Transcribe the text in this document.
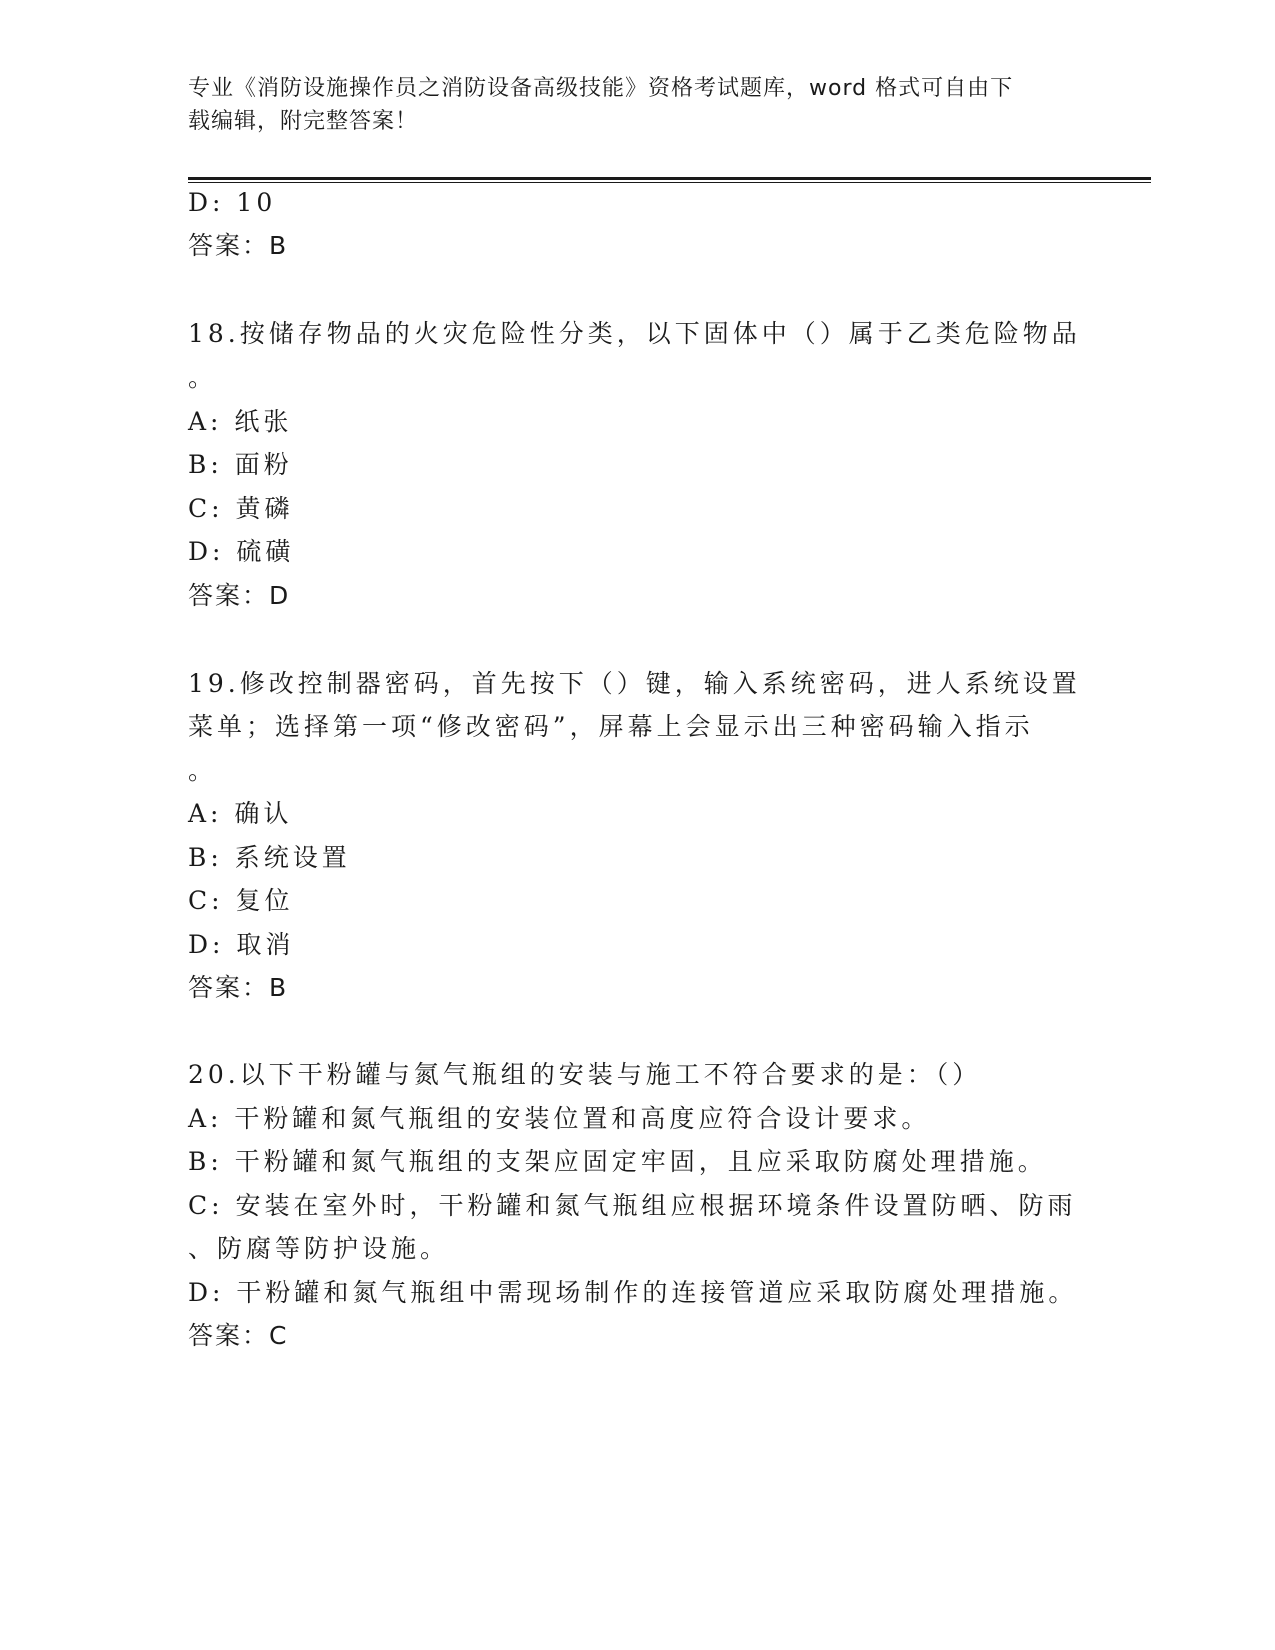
专业《消防设施操作员之消防设备高级技能》资格考试题库，word 格式可自由下
载编辑，附完整答案！
D: 10
答案：B
18.按储存物品的火灾危险性分类，以下固体中（）属于乙类危险物品
。
A: 纸张
B: 面粉
C: 黄磷
D: 硫磺
答案：D
19.修改控制器密码，首先按下（）键，输入系统密码，进人系统设置
菜单；选择第一项“修改密码”，屏幕上会显示出三种密码输入指示
。
A: 确认
B: 系统设置
C: 复位
D: 取消
答案：B
20.以下干粉罐与氮气瓶组的安装与施工不符合要求的是：（）
A: 干粉罐和氮气瓶组的安装位置和高度应符合设计要求。
B: 干粉罐和氮气瓶组的支架应固定牢固，且应采取防腐处理措施。
C: 安装在室外时，干粉罐和氮气瓶组应根据环境条件设置防晒、防雨
、防腐等防护设施。
D: 干粉罐和氮气瓶组中需现场制作的连接管道应采取防腐处理措施。
答案：C
